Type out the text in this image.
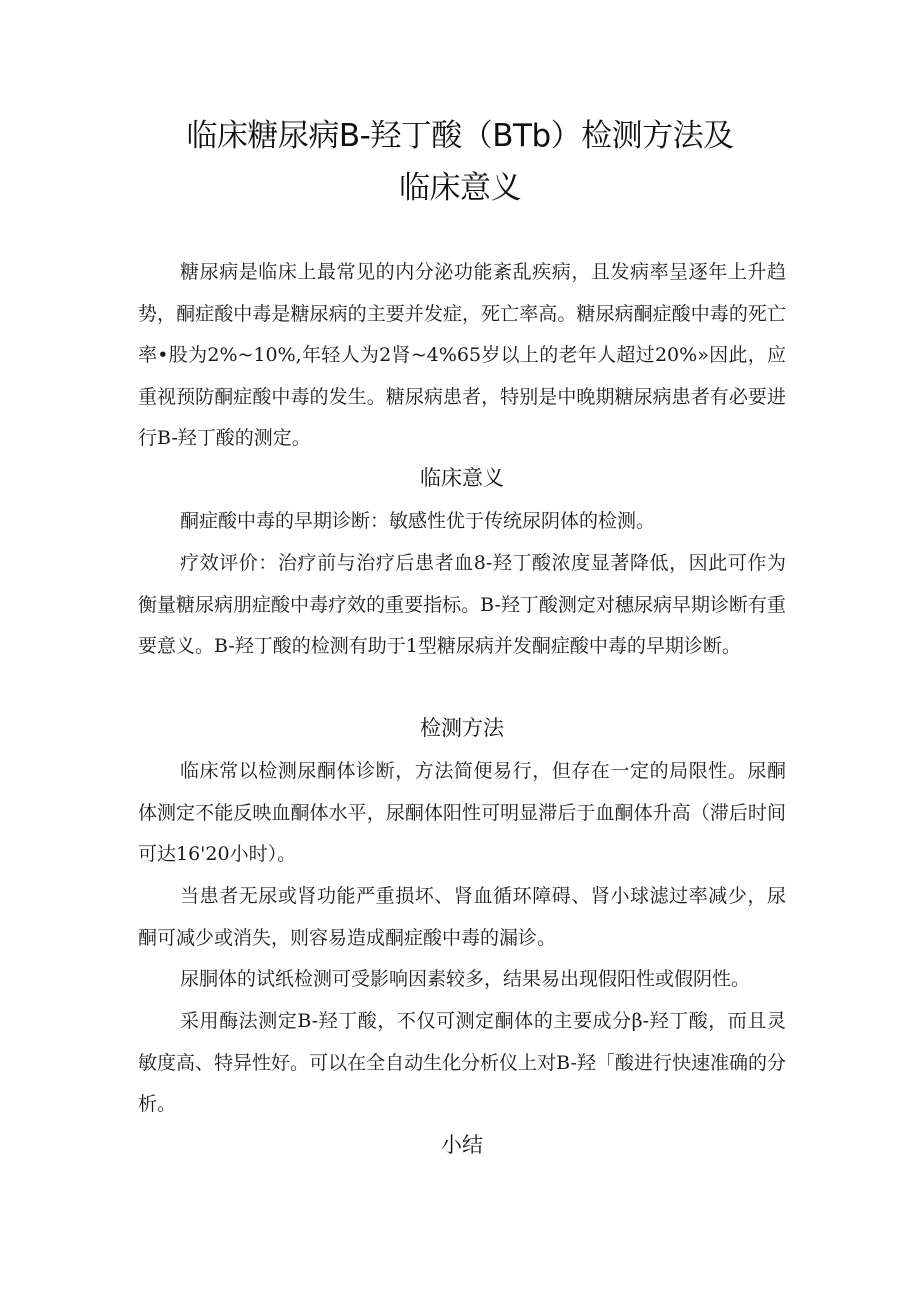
临床糖尿病B-羟丁酸（BTb）检测方法及
临床意义

糖尿病是临床上最常见的内分泌功能紊乱疾病，且发病率呈逐年上升趋势，酮症酸中毒是糖尿病的主要并发症，死亡率高。糖尿病酮症酸中毒的死亡率•股为2%~10%,年轻人为2肾~4%65岁以上的老年人超过20%»因此，应重视预防酮症酸中毒的发生。糖尿病患者，特别是中晚期糖尿病患者有必要进行B-羟丁酸的测定。

临床意义

酮症酸中毒的早期诊断：敏感性优于传统尿阴体的检测。

疗效评价：治疗前与治疗后患者血8-羟丁酸浓度显著降低，因此可作为衡量糖尿病朋症酸中毒疗效的重要指标。B-羟丁酸测定对穗尿病早期诊断有重要意义。B-羟丁酸的检测有助于1型糖尿病并发酮症酸中毒的早期诊断。

检测方法

临床常以检测尿酮体诊断，方法简便易行，但存在一定的局限性。尿酮体测定不能反映血酮体水平，尿酮体阳性可明显滞后于血酮体升高（滞后时间可达16'20小时）。

当患者无尿或肾功能严重损坏、肾血循环障碍、肾小球滤过率减少，尿酮可减少或消失，则容易造成酮症酸中毒的漏诊。

尿胴体的试纸检测可受影响因素较多，结果易出现假阳性或假阴性。

采用酶法测定B-羟丁酸，不仅可测定酮体的主要成分β-羟丁酸，而且灵敏度高、特异性好。可以在全自动生化分析仪上对B-羟「酸进行快速准确的分析。

小结
